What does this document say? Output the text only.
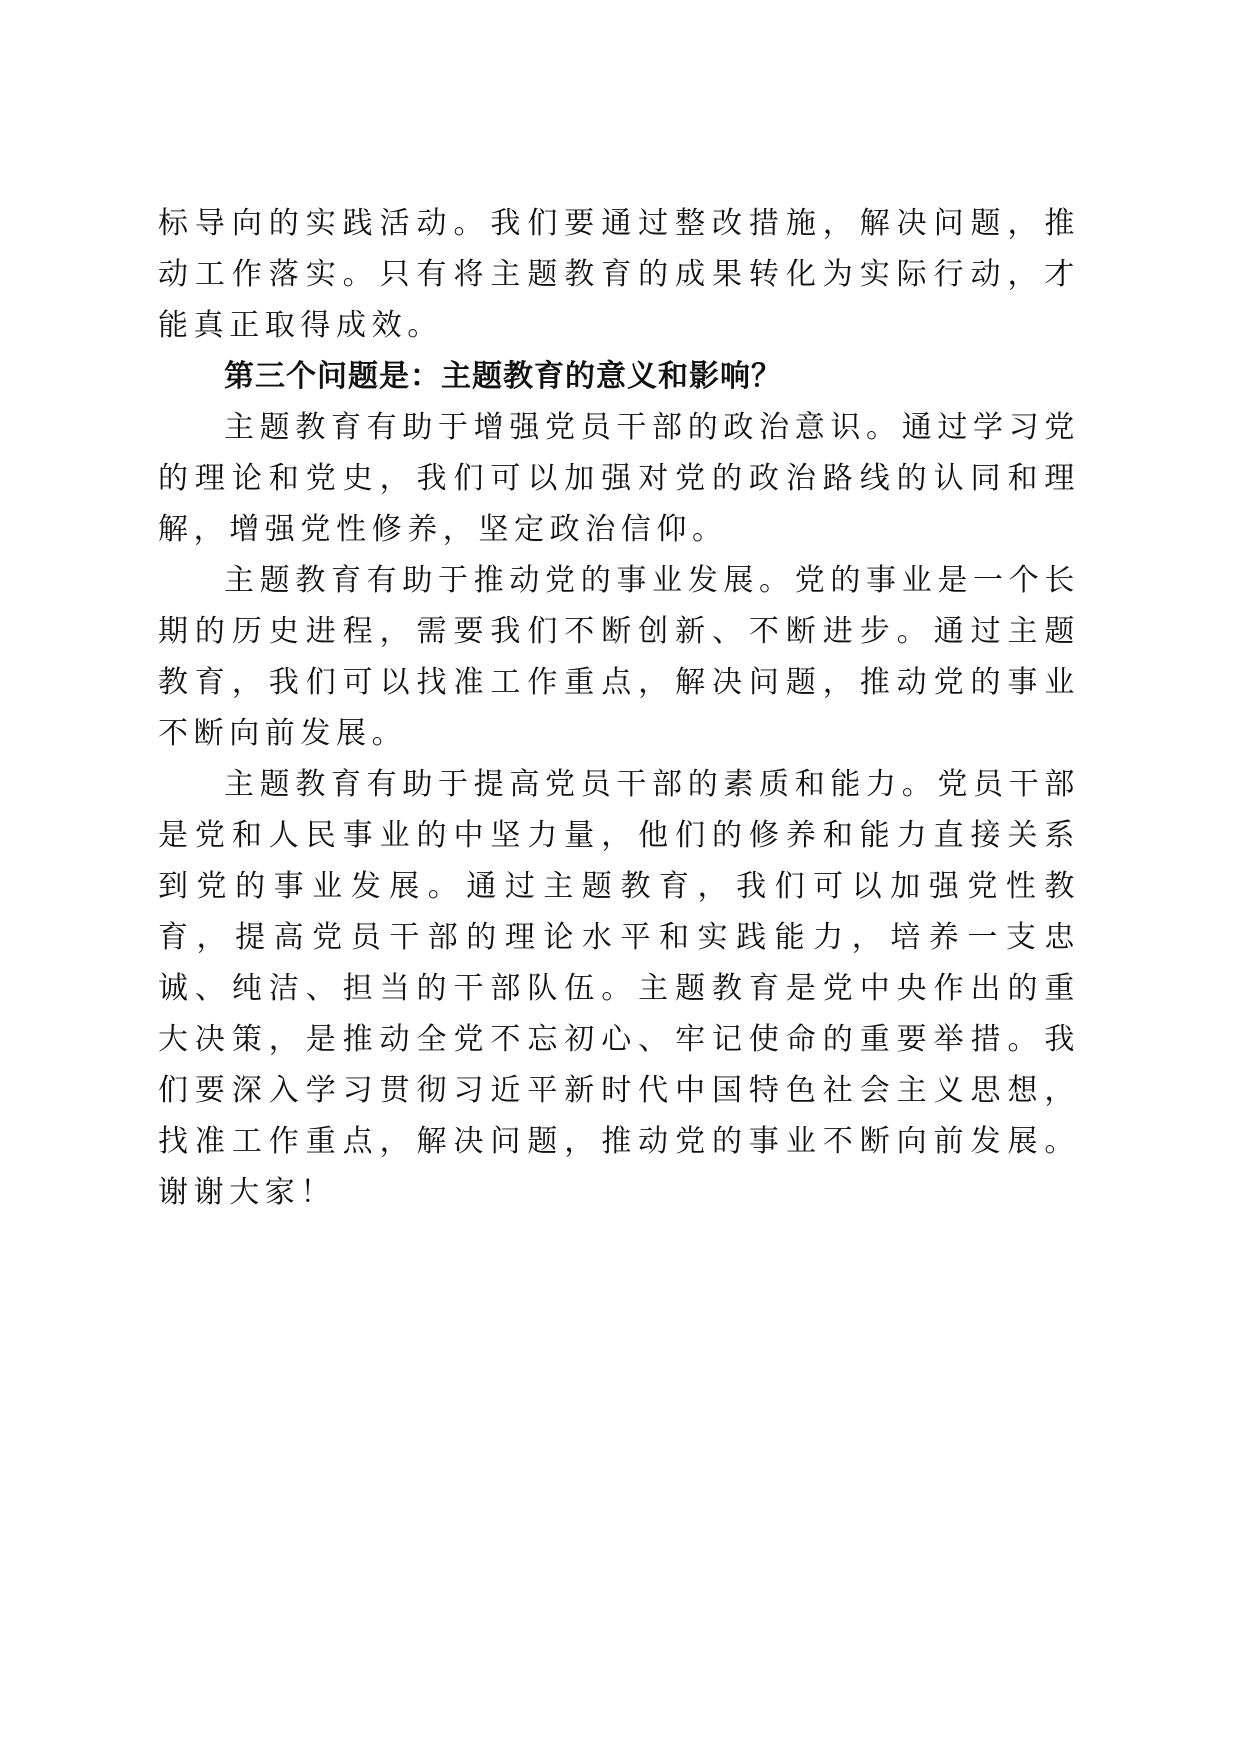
标导向的实践活动。我们要通过整改措施，解决问题，推动工作落实。只有将主题教育的成果转化为实际行动，才能真正取得成效。

第三个问题是：主题教育的意义和影响？

主题教育有助于增强党员干部的政治意识。通过学习党的理论和党史，我们可以加强对党的政治路线的认同和理解，增强党性修养，坚定政治信仰。

主题教育有助于推动党的事业发展。党的事业是一个长期的历史进程，需要我们不断创新、不断进步。通过主题教育，我们可以找准工作重点，解决问题，推动党的事业不断向前发展。

主题教育有助于提高党员干部的素质和能力。党员干部是党和人民事业的中坚力量，他们的修养和能力直接关系到党的事业发展。通过主题教育，我们可以加强党性教育，提高党员干部的理论水平和实践能力，培养一支忠诚、纯洁、担当的干部队伍。主题教育是党中央作出的重大决策，是推动全党不忘初心、牢记使命的重要举措。我们要深入学习贯彻习近平新时代中国特色社会主义思想，找准工作重点，解决问题，推动党的事业不断向前发展。谢谢大家！
